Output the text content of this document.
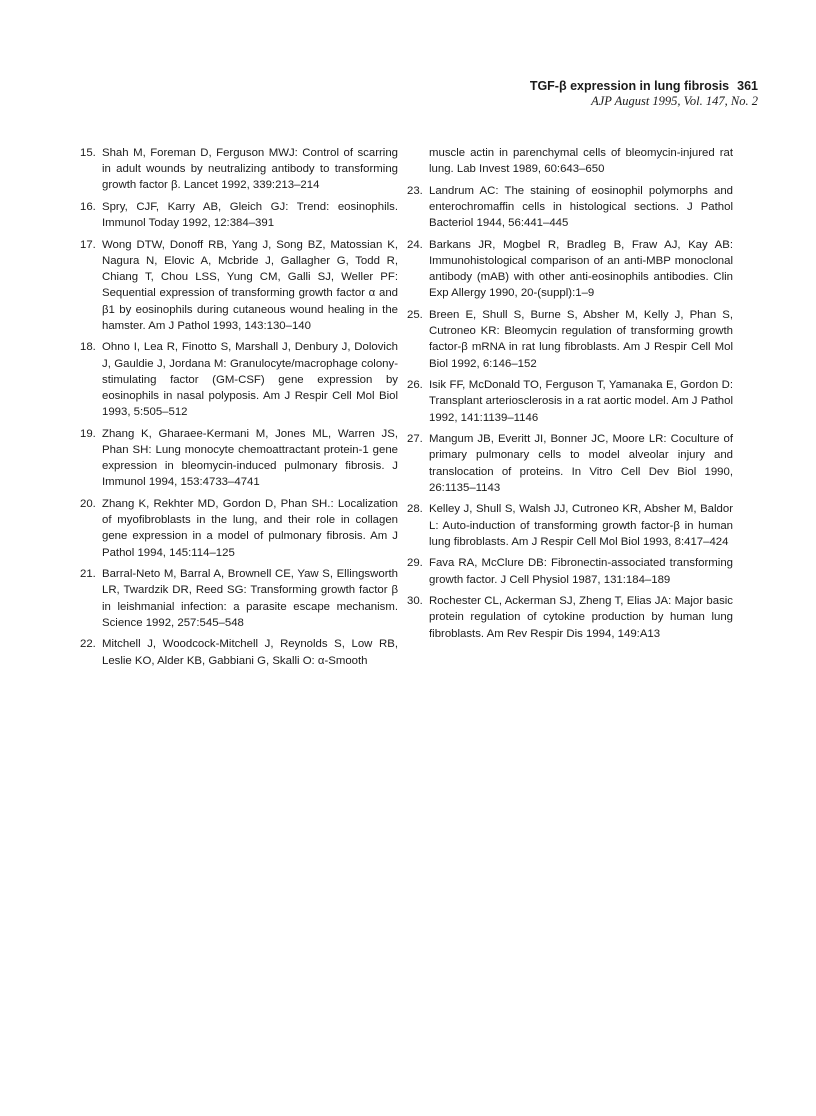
TGF-β expression in lung fibrosis 361
AJP August 1995, Vol. 147, No. 2
15. Shah M, Foreman D, Ferguson MWJ: Control of scarring in adult wounds by neutralizing antibody to transforming growth factor β. Lancet 1992, 339:213–214
16. Spry, CJF, Karry AB, Gleich GJ: Trend: eosinophils. Immunol Today 1992, 12:384–391
17. Wong DTW, Donoff RB, Yang J, Song BZ, Matossian K, Nagura N, Elovic A, Mcbride J, Gallagher G, Todd R, Chiang T, Chou LSS, Yung CM, Galli SJ, Weller PF: Sequential expression of transforming growth factor α and β1 by eosinophils during cutaneous wound healing in the hamster. Am J Pathol 1993, 143:130–140
18. Ohno I, Lea R, Finotto S, Marshall J, Denbury J, Dolovich J, Gauldie J, Jordana M: Granulocyte/macrophage colony-stimulating factor (GM-CSF) gene expression by eosinophils in nasal polyposis. Am J Respir Cell Mol Biol 1993, 5:505–512
19. Zhang K, Gharaee-Kermani M, Jones ML, Warren JS, Phan SH: Lung monocyte chemoattractant protein-1 gene expression in bleomycin-induced pulmonary fibrosis. J Immunol 1994, 153:4733–4741
20. Zhang K, Rekhter MD, Gordon D, Phan SH.: Localization of myofibroblasts in the lung, and their role in collagen gene expression in a model of pulmonary fibrosis. Am J Pathol 1994, 145:114–125
21. Barral-Neto M, Barral A, Brownell CE, Yaw S, Ellingsworth LR, Twardzik DR, Reed SG: Transforming growth factor β in leishmanial infection: a parasite escape mechanism. Science 1992, 257:545–548
22. Mitchell J, Woodcock-Mitchell J, Reynolds S, Low RB, Leslie KO, Alder KB, Gabbiani G, Skalli O: α-Smooth
muscle actin in parenchymal cells of bleomycin-injured rat lung. Lab Invest 1989, 60:643–650
23. Landrum AC: The staining of eosinophil polymorphs and enterochromaffin cells in histological sections. J Pathol Bacteriol 1944, 56:441–445
24. Barkans JR, Mogbel R, Bradleg B, Fraw AJ, Kay AB: Immunohistological comparison of an anti-MBP monoclonal antibody (mAB) with other anti-eosinophils antibodies. Clin Exp Allergy 1990, 20-(suppl):1–9
25. Breen E, Shull S, Burne S, Absher M, Kelly J, Phan S, Cutroneo KR: Bleomycin regulation of transforming growth factor-β mRNA in rat lung fibroblasts. Am J Respir Cell Mol Biol 1992, 6:146–152
26. Isik FF, McDonald TO, Ferguson T, Yamanaka E, Gordon D: Transplant arteriosclerosis in a rat aortic model. Am J Pathol 1992, 141:1139–1146
27. Mangum JB, Everitt JI, Bonner JC, Moore LR: Coculture of primary pulmonary cells to model alveolar injury and translocation of proteins. In Vitro Cell Dev Biol 1990, 26:1135–1143
28. Kelley J, Shull S, Walsh JJ, Cutroneo KR, Absher M, Baldor L: Auto-induction of transforming growth factor-β in human lung fibroblasts. Am J Respir Cell Mol Biol 1993, 8:417–424
29. Fava RA, McClure DB: Fibronectin-associated transforming growth factor. J Cell Physiol 1987, 131:184–189
30. Rochester CL, Ackerman SJ, Zheng T, Elias JA: Major basic protein regulation of cytokine production by human lung fibroblasts. Am Rev Respir Dis 1994, 149:A13
